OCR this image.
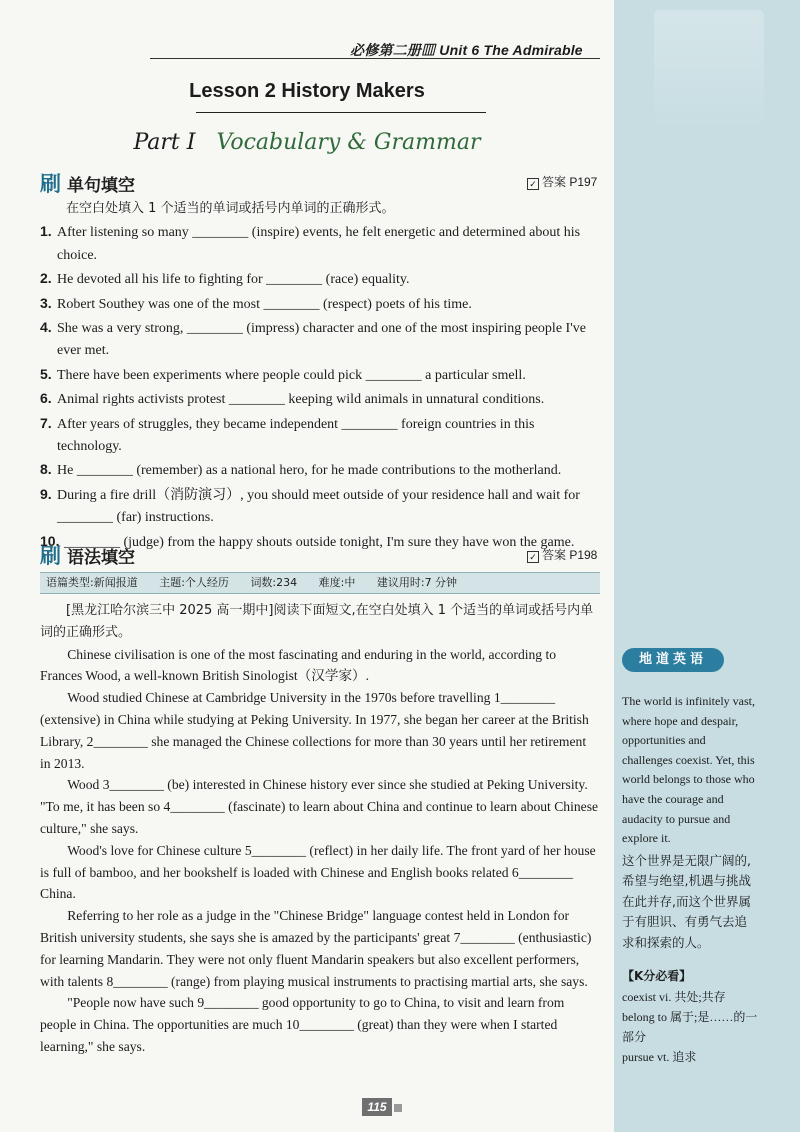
必修第二册▥ Unit 6 The Admirable
Lesson 2 History Makers
Part I Vocabulary & Grammar
刷 单句填空	✓ 答案 P197

在空白处填入 1 个适当的单词或括号内单词的正确形式。

1. After listening so many ________ (inspire) events, he felt energetic and determined about his choice.

2. He devoted all his life to fighting for ________ (race) equality.

3. Robert Southey was one of the most ________ (respect) poets of his time.

4. She was a very strong, ________ (impress) character and one of the most inspiring people I've ever met.

5. There have been experiments where people could pick ________ a particular smell.

6. Animal rights activists protest ________ keeping wild animals in unnatural conditions.

7. After years of struggles, they became independent ________ foreign countries in this technology.

8. He ________ (remember) as a national hero, for he made contributions to the motherland.

9. During a fire drill（消防演习）, you should meet outside of your residence hall and wait for ________ (far) instructions.

10. ________ (judge) from the happy shouts outside tonight, I'm sure they have won the game.

刷 语法填空	✓ 答案 P198
语篇类型:新闻报道 主题:个人经历 词数:234 难度:中 建议用时:7 分钟

[黑龙江哈尔滨三中 2025 高一期中]阅读下面短文,在空白处填入 1 个适当的单词或括号内单词的正确形式。

Chinese civilisation is one of the most fascinating and enduring in the world, according to Frances Wood, a well-known British Sinologist（汉学家）.

Wood studied Chinese at Cambridge University in the 1970s before travelling 1________ (extensive) in China while studying at Peking University. In 1977, she began her career at the British Library, 2________ she managed the Chinese collections for more than 30 years until her retirement in 2013.

Wood 3________ (be) interested in Chinese history ever since she studied at Peking University. "To me, it has been so 4________ (fascinate) to learn about China and continue to learn about Chinese culture," she says.

Wood's love for Chinese culture 5________ (reflect) in her daily life. The front yard of her house is full of bamboo, and her bookshelf is loaded with Chinese and English books related 6________ China.

Referring to her role as a judge in the "Chinese Bridge" language contest held in London for British university students, she says she is amazed by the participants' great 7________ (enthusiastic) for learning Mandarin. They were not only fluent Mandarin speakers but also excellent performers, with talents 8________ (range) from playing musical instruments to practising martial arts, she says.

"People now have such 9________ good opportunity to go to China, to visit and learn from people in China. The opportunities are much 10________ (great) than they were when I started learning," she says.

地道英语

The world is infinitely vast, where hope and despair, opportunities and challenges coexist. Yet, this world belongs to those who have the courage and audacity to pursue and explore it.

这个世界是无限广阔的,希望与绝望,机遇与挑战在此并存,而这个世界属于有胆识、有勇气去追求和探索的人。

【K分必看】

coexist vi. 共处;共存

belong to 属于;是……的一部分

pursue vt. 追求

115
